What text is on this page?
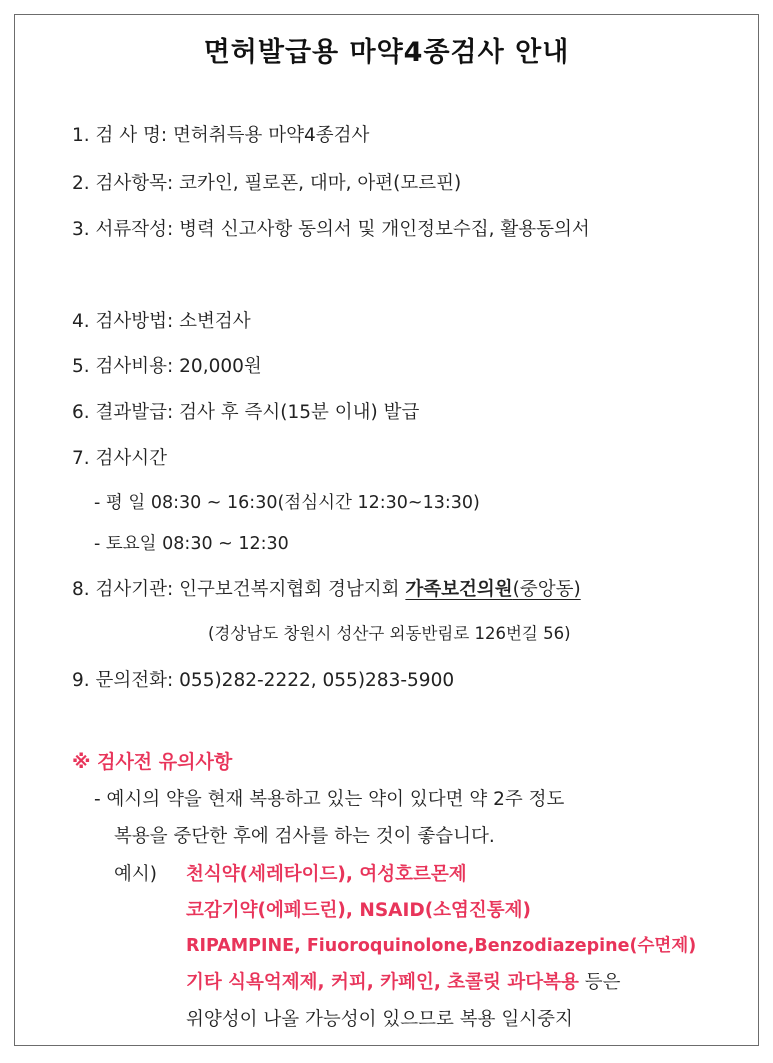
면허발급용 마약4종검사 안내
1. 검 사 명: 면허취득용 마약4종검사
2. 검사항목: 코카인, 필로폰, 대마, 아편(모르핀)
3. 서류작성: 병력 신고사항 동의서 및 개인정보수집, 활용동의서
4. 검사방법: 소변검사
5. 검사비용: 20,000원
6. 결과발급: 검사 후 즉시(15분 이내) 발급
7. 검사시간
- 평 일 08:30 ~ 16:30(점심시간 12:30~13:30)
- 토요일 08:30 ~ 12:30
8. 검사기관: 인구보건복지협회 경남지회 가족보건의원(중앙동)
(경상남도 창원시 성산구 외동반림로 126번길 56)
9. 문의전화: 055)282-2222, 055)283-5900
※ 검사전 유의사항
- 예시의 약을 현재 복용하고 있는 약이 있다면 약 2주 정도
복용을 중단한 후에 검사를 하는 것이 좋습니다.
예시) 천식약(세레타이드), 여성호르몬제
코감기약(에페드린), NSAID(소염진통제)
RIPAMPINE, Fiuoroquinolone,Benzodiazepine(수면제)
기타 식욕억제제, 커피, 카페인, 초콜릿 과다복용 등은
위양성이 나올 가능성이 있으므로 복용 일시중지
